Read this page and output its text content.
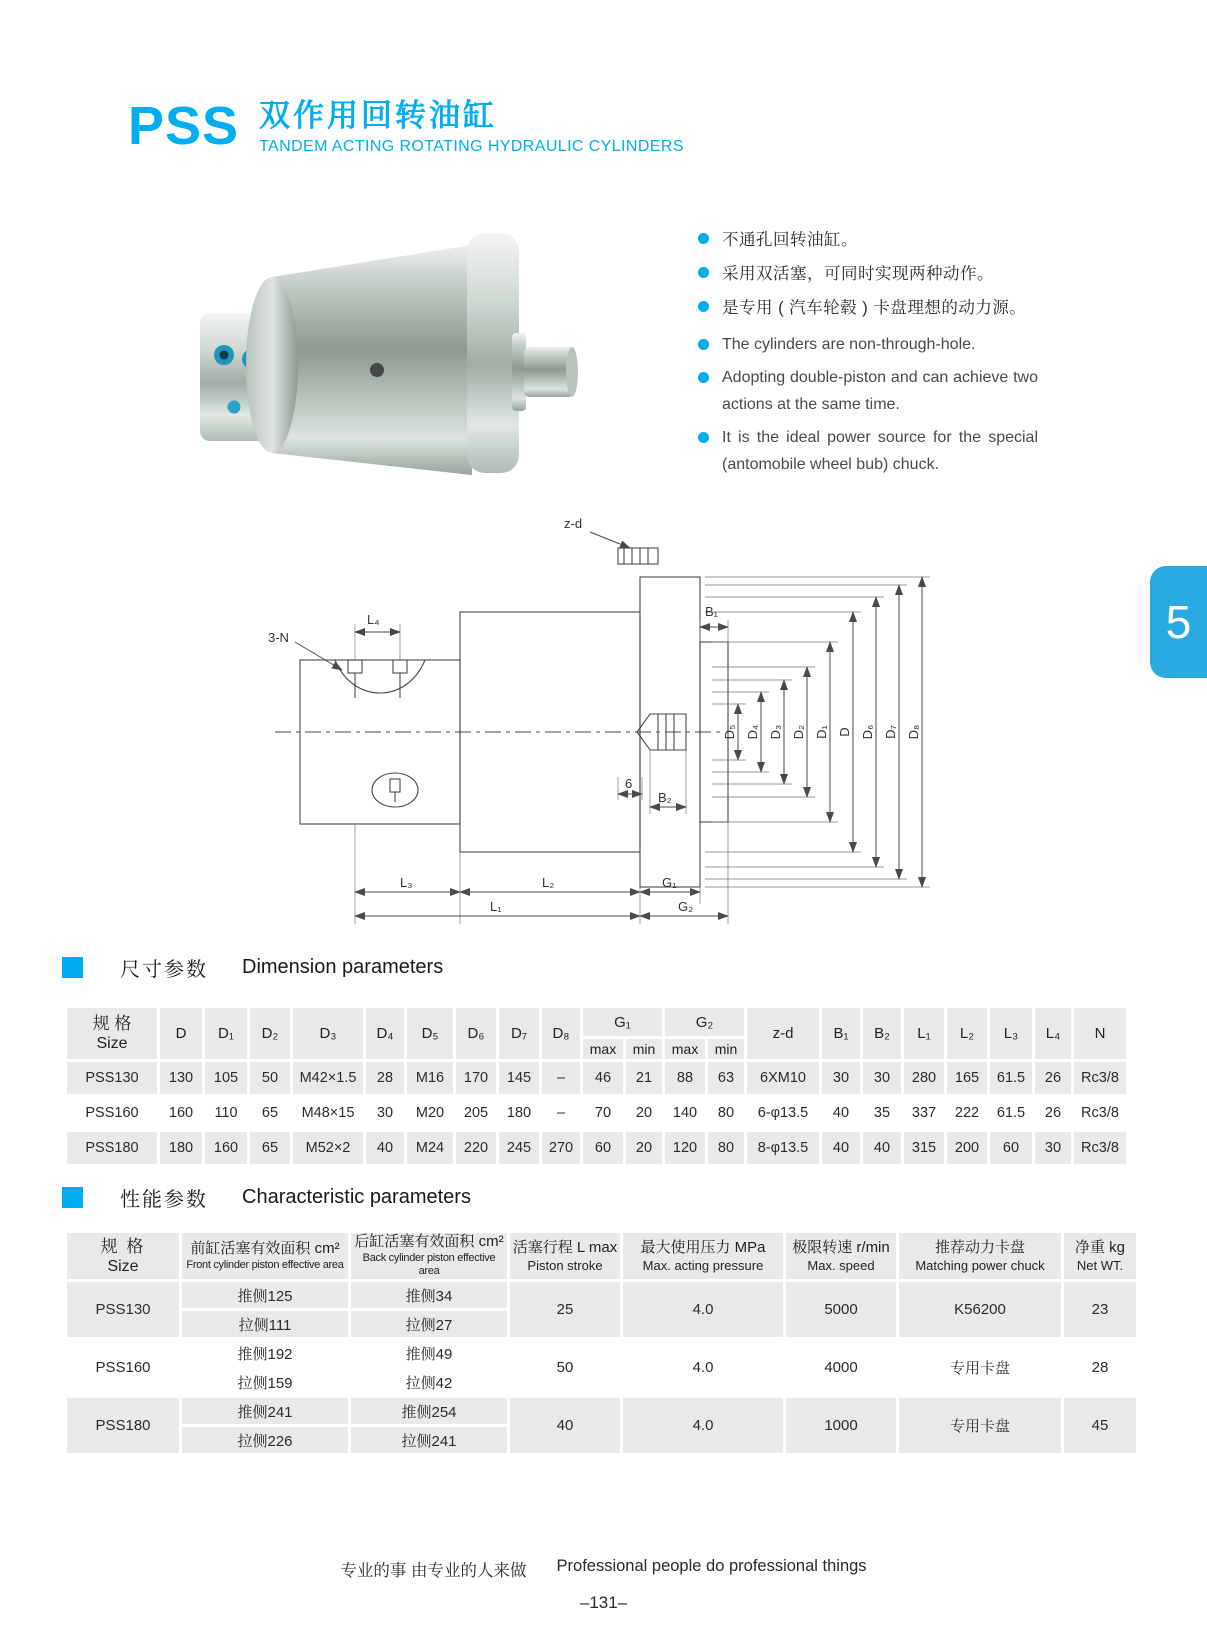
PSS 双作用回转油缸
TANDEM ACTING ROTATING HYDRAULIC CYLINDERS
不通孔回转油缸。
采用双活塞，可同时实现两种动作。
是专用 ( 汽车轮毂 ) 卡盘理想的动力源。
The cylinders are non-through-hole.
Adopting double-piston and can achieve two actions at the same time.
It is the ideal power source for the special (antomobile wheel bub) chuck.
3-N
L₄
z-d
B₁
B₂
6
D₅ D₄ D₃ D₂ D₁ D D₆ D₇ D₈
L₃	L₂	G₁
L₁	G₂
5
尺寸参数 Dimension parameters
规 格
Size	D	D₁	D₂	D₃	D₄	D₅	D₆	D₇	D₈	G₁		G₂		z-d	B₁	B₂	L₁	L₂	L₃	L₄	N
										max	min	max	min								
PSS130	130	105	50	M42×1.5	28	M16	170	145	–	46	21	88	63	6XM10	30	30	280	165	61.5	26	Rc3/8
PSS160	160	110	65	M48×15	30	M20	205	180	–	70	20	140	80	6-φ13.5	40	35	337	222	61.5	26	Rc3/8
PSS180	180	160	65	M52×2	40	M24	220	245	270	60	20	120	80	8-φ13.5	40	40	315	200	60	30	Rc3/8
性能参数 Characteristic parameters
规 格
Size

前缸活塞有效面积 cm²
Front cylinder piston effective area

后缸活塞有效面积 cm²
Back cylinder piston effective area

活塞行程 L max
Piston stroke

最大使用压力 MPa
Max. acting pressure

极限转速 r/min
Max. speed

推荐动力卡盘
Matching power chuck

净重 kg
Net WT.

PSS130	推侧125	推侧34	25	4.0	5000	K56200	23
	拉侧111	拉侧27					
PSS160	推侧192	推侧49	50	4.0	4000	专用卡盘	28
	拉侧159	拉侧42					
PSS180	推侧241	推侧254	40	4.0	1000	专用卡盘	45
	拉侧226	拉侧241					
专业的事 由专业的人来做 Professional people do professional things
–131–
